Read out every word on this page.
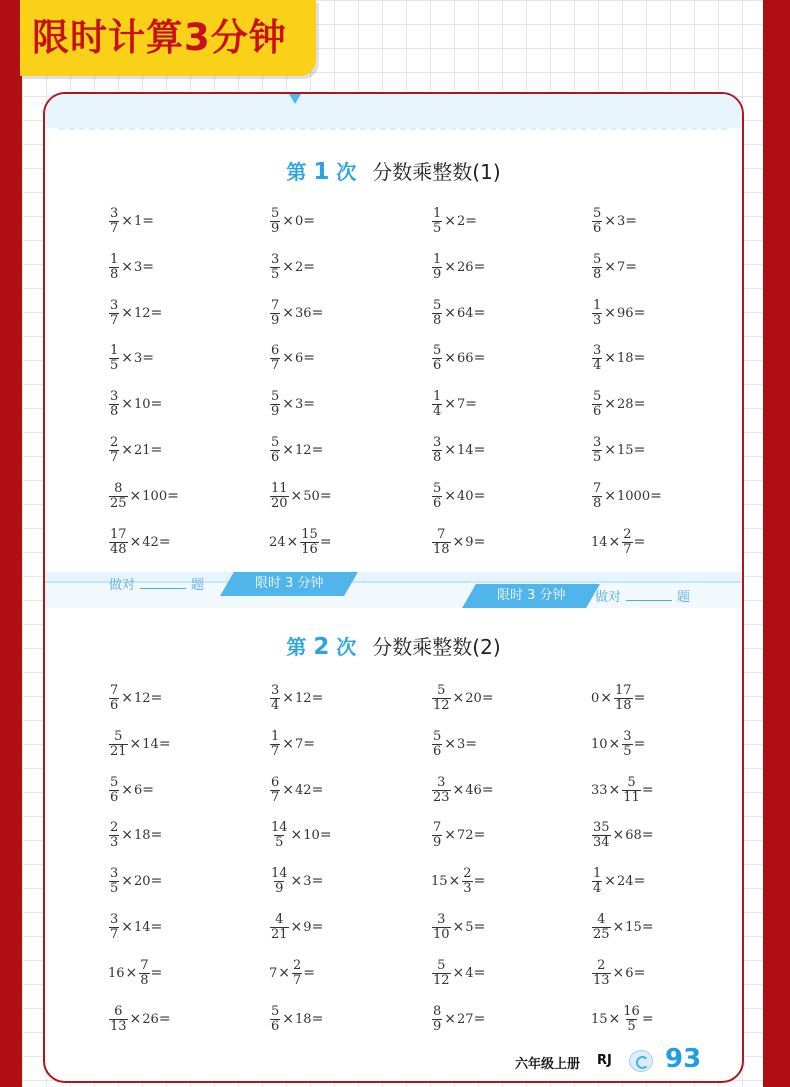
限时计算3分钟
第 1 次 分数乘整数(1)
$\frac{3}{7} \times 1$ =	$\frac{5}{9} \times 0$ =	$\frac{1}{5} \times 2$ =	$\frac{5}{6} \times 3$ =
$\frac{1}{8} \times 3$ =	$\frac{3}{5} \times 2$ =	$\frac{1}{9} \times 26$ =	$\frac{5}{8} \times 7$ =
$\frac{3}{7} \times 12$ =	$\frac{7}{9} \times 36$ =	$\frac{5}{8} \times 64$ =	$\frac{1}{3} \times 96$ =
$\frac{1}{5} \times 3$ =	$\frac{6}{7} \times 6$ =	$\frac{5}{6} \times 66$ =	$\frac{3}{4} \times 18$ =
$\frac{3}{8} \times 10$ =	$\frac{5}{9} \times 3$ =	$\frac{1}{4} \times 7$ =	$\frac{5}{6} \times 28$ =
$\frac{2}{7} \times 21$ =	$\frac{5}{6} \times 12$ =	$\frac{3}{8} \times 14$ =	$\frac{3}{5} \times 15$ =
$\frac{8}{25} \times 100$ =	$\frac{11}{20} \times 50$ =	$\frac{5}{6} \times 40$ =	$\frac{7}{8} \times 1000$ =
$\frac{17}{48} \times 42$ =	$24 \times \frac{15}{16}$ =	$\frac{7}{18} \times 9$ =	$14 \times \frac{2}{7}$ =
做对	题	限时 3 分钟
限时 3 分钟	做对	题
第 2 次 分数乘整数(2)
$\frac{7}{6} \times 12$ =	$\frac{3}{4} \times 12$ =	$\frac{5}{12} \times 20$ =	$0 \times \frac{17}{18}$ =
$\frac{5}{21} \times 14$ =	$\frac{1}{7} \times 7$ =	$\frac{5}{6} \times 3$ =	$10 \times \frac{3}{5}$ =
$\frac{5}{6} \times 6$ =	$\frac{6}{7} \times 42$ =	$\frac{3}{23} \times 46$ =	$33 \times \frac{5}{11}$ =
$\frac{2}{3} \times 18$ =	$\frac{14}{5} \times 10$ =	$\frac{7}{9} \times 72$ =	$\frac{35}{34} \times 68$ =
$\frac{3}{5} \times 20$ =	$\frac{14}{9} \times 3$ =	$15 \times \frac{2}{3}$ =	$\frac{1}{4} \times 24$ =
$\frac{3}{7} \times 14$ =	$\frac{4}{21} \times 9$ =	$\frac{3}{10} \times 5$ =	$\frac{4}{25} \times 15$ =
$16 \times \frac{7}{8}$ =	$7 \times \frac{2}{7}$ =	$\frac{5}{12} \times 4$ =	$\frac{2}{13} \times 6$ =
$\frac{6}{13} \times 26$ =	$\frac{5}{6} \times 18$ =	$\frac{8}{9} \times 27$ =	$15 \times \frac{16}{5}$ =
六年级上册 RJ 93
